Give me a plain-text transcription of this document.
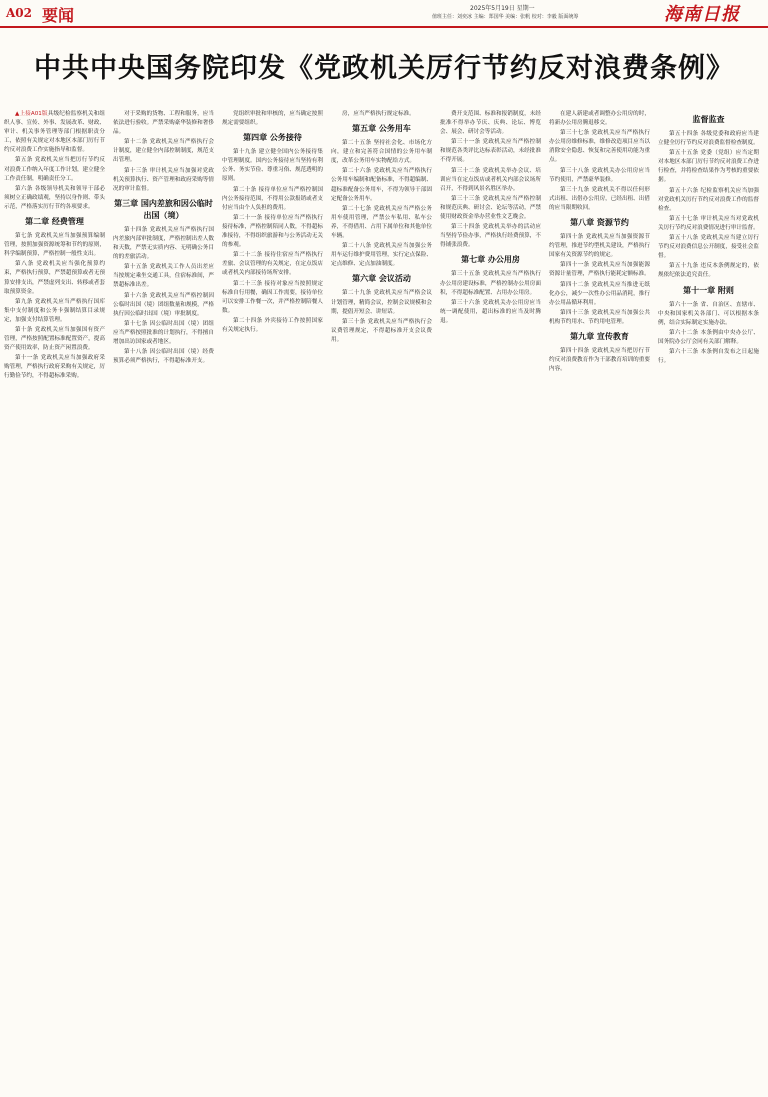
A02 要闻	2025年5月19日 星期一
值班主任：刘奕冰 主编：郑国华 美编：张帆 校对：李毅 版面统筹	海南日报
中共中央国务院印发《党政机关厉行节约反对浪费条例》

▲上接A01版具级纪检监察机关和组织人事、宣传、外事、发展改革、财政、审计、机关事务管理等部门根据职责分工，依照有关规定对本地区本部门厉行节约反对浪费工作实施指导和监督。

第五条 党政机关应当把厉行节约反对浪费工作纳入年度工作计划，建立健全工作责任制，明确责任分工。

第六条 各级领导机关和领导干部必须树立正确政绩观，坚持以身作则、带头示范，严格落实厉行节约各项要求。

第二章 经费管理

第七条 党政机关应当加强预算编制管理，按照加强资源统筹和节约的原则，科学编制预算，严格控制一般性支出。

第八条 党政机关应当强化预算约束，严格执行预算，严禁超预算或者无预算安排支出，严禁虚列支出、转移或者套取预算资金。

第九条 党政机关应当严格执行国库集中支付制度和公务卡强制结算目录规定，加强支付结算管理。

第十条 党政机关应当加强国有资产管理，严格按照配置标准配置资产，提高资产使用效率，防止资产闲置浪费。

第十一条 党政机关应当加强政府采购管理，严格执行政府采购有关规定，厉行勤俭节约，不得超标准采购。

对于采购的货物、工程和服务，应当依法进行验收。严禁采购豪华装修和奢侈品。

第十二条 党政机关应当严格执行会计制度，建立健全内部控制制度，规范支出管理。

第十三条 审计机关应当加强对党政机关预算执行、资产管理和政府采购等情况的审计监督。

第三章 国内差旅和因公临时出国（境）

第十四条 党政机关应当严格执行国内差旅内部审批制度，严格控制出差人数和天数，严禁无实质内容、无明确公务目的的差旅活动。

第十五条 党政机关工作人员出差应当按规定乘坐交通工具，住宿标准间，严禁超标准出差。

第十六条 党政机关应当严格控制因公临时出国（境）团组数量和规模，严格执行因公临时出国（境）审批制度。

第十七条 因公临时出国（境）团组应当严格按照批准的计划执行，不得擅自增加出访国家或者地区。

第十八条 因公临时出国（境）经费预算必须严格执行，不得超标准开支。

党组织审批和审核的，应当确定按照规定需要组织。

第四章 公务接待

第十九条 建立健全国内公务接待集中管理制度。国内公务接待应当坚持有利公务、务实节俭、尊重习俗、规范透明的原则。

第二十条 接待单位应当严格控制国内公务接待范围，不得用公款报销或者支付应当由个人负担的费用。

第二十一条 接待单位应当严格执行接待标准，严格控制陪同人数，不得超标准接待，不得组织旅游和与公务活动无关的参观。

第二十二条 接待住宿应当严格执行差旅、会议管理的有关规定，在定点饭店或者机关内部接待场所安排。

第二十三条 接待对象应当按照规定标准自行用餐，确因工作需要，接待单位可以安排工作餐一次，并严格控制陪餐人数。

第二十四条 外宾接待工作按照国家有关规定执行。

房，应当严格执行规定标准。

第五章 公务用车

第二十五条 坚持社会化、市场化方向，建立和完善符合国情的公务用车制度，改革公务用车实物配给方式。

第二十六条 党政机关应当严格执行公务用车编制和配备标准，不得超编制、超标准配备公务用车，不得为领导干部固定配备公务用车。

第二十七条 党政机关应当严格公务用车使用管理，严禁公车私用、私车公养，不得借用、占用下属单位和其他单位车辆。

第二十八条 党政机关应当加强公务用车运行维护费用管理，实行定点保险、定点维修、定点加油制度。

第六章 会议活动

第二十九条 党政机关应当严格会议计划管理，精简会议，控制会议规模和会期，提倡开短会、讲短话。

第三十条 党政机关应当严格执行会议费管理规定，不得超标准开支会议费用。

费开支范围、标准和报销制度，未经批准不得举办节庆、庆典、论坛、博览会、展会、研讨会等活动。

第三十一条 党政机关应当严格控制和规范各类评比达标表彰活动，未经批准不得开展。

第三十二条 党政机关举办会议、培训应当在定点饭店或者机关内部会议场所召开，不得到风景名胜区举办。

第三十三条 党政机关应当严格控制和规范庆典、研讨会、论坛等活动，严禁使用财政资金举办营业性文艺晚会。

第三十四条 党政机关举办的活动应当坚持节俭办事，严格执行经费预算，不得铺张浪费。

第七章 办公用房

第三十五条 党政机关应当严格执行办公用房建设标准，严格控制办公用房面积，不得超标准配置、占用办公用房。

第三十六条 党政机关办公用房应当统一调配使用，超出标准的应当及时腾退。

在建人新建或者调整办公用房的时，将新办公用房腾退移交。

第三十七条 党政机关应当严格执行办公用房维修标准，维修改造项目应当以消除安全隐患、恢复和完善使用功能为重点。

第三十八条 党政机关办公用房应当节约使用，严禁豪华装修。

第三十九条 党政机关不得以任何形式出租、出借办公用房，已经出租、出借的应当限期收回。

第八章 资源节约

第四十条 党政机关应当加强资源节约管理，推进节约型机关建设，严格执行国家有关资源节约的规定。

第四十一条 党政机关应当加强能源资源计量管理，严格执行能耗定额标准。

第四十二条 党政机关应当推进无纸化办公，减少一次性办公用品消耗，推行办公用品循环利用。

第四十三条 党政机关应当加强公共机构节约用水、节约用电管理。

第九章 宣传教育

第四十四条 党政机关应当把厉行节约反对浪费教育作为干部教育培训的重要内容。

监督监查

第五十四条 各级党委和政府应当建立健全厉行节约反对浪费监督检查制度。

第五十五条 党委（党组）应当定期对本地区本部门厉行节约反对浪费工作进行检查，并将检查结果作为考核的重要依据。

第五十六条 纪检监察机关应当加强对党政机关厉行节约反对浪费工作的监督检查。

第五十七条 审计机关应当对党政机关厉行节约反对浪费情况进行审计监督。

第五十八条 党政机关应当建立厉行节约反对浪费信息公开制度，接受社会监督。

第五十九条 违反本条例规定的，依规依纪依法追究责任。

第十一章 附则

第六十一条 省、自治区、直辖市、中央和国家机关各部门、可以根据本条例，结合实际制定实施办法。

第六十二条 本条例由中央办公厅、国务院办公厅会同有关部门解释。

第六十三条 本条例自发布之日起施行。
